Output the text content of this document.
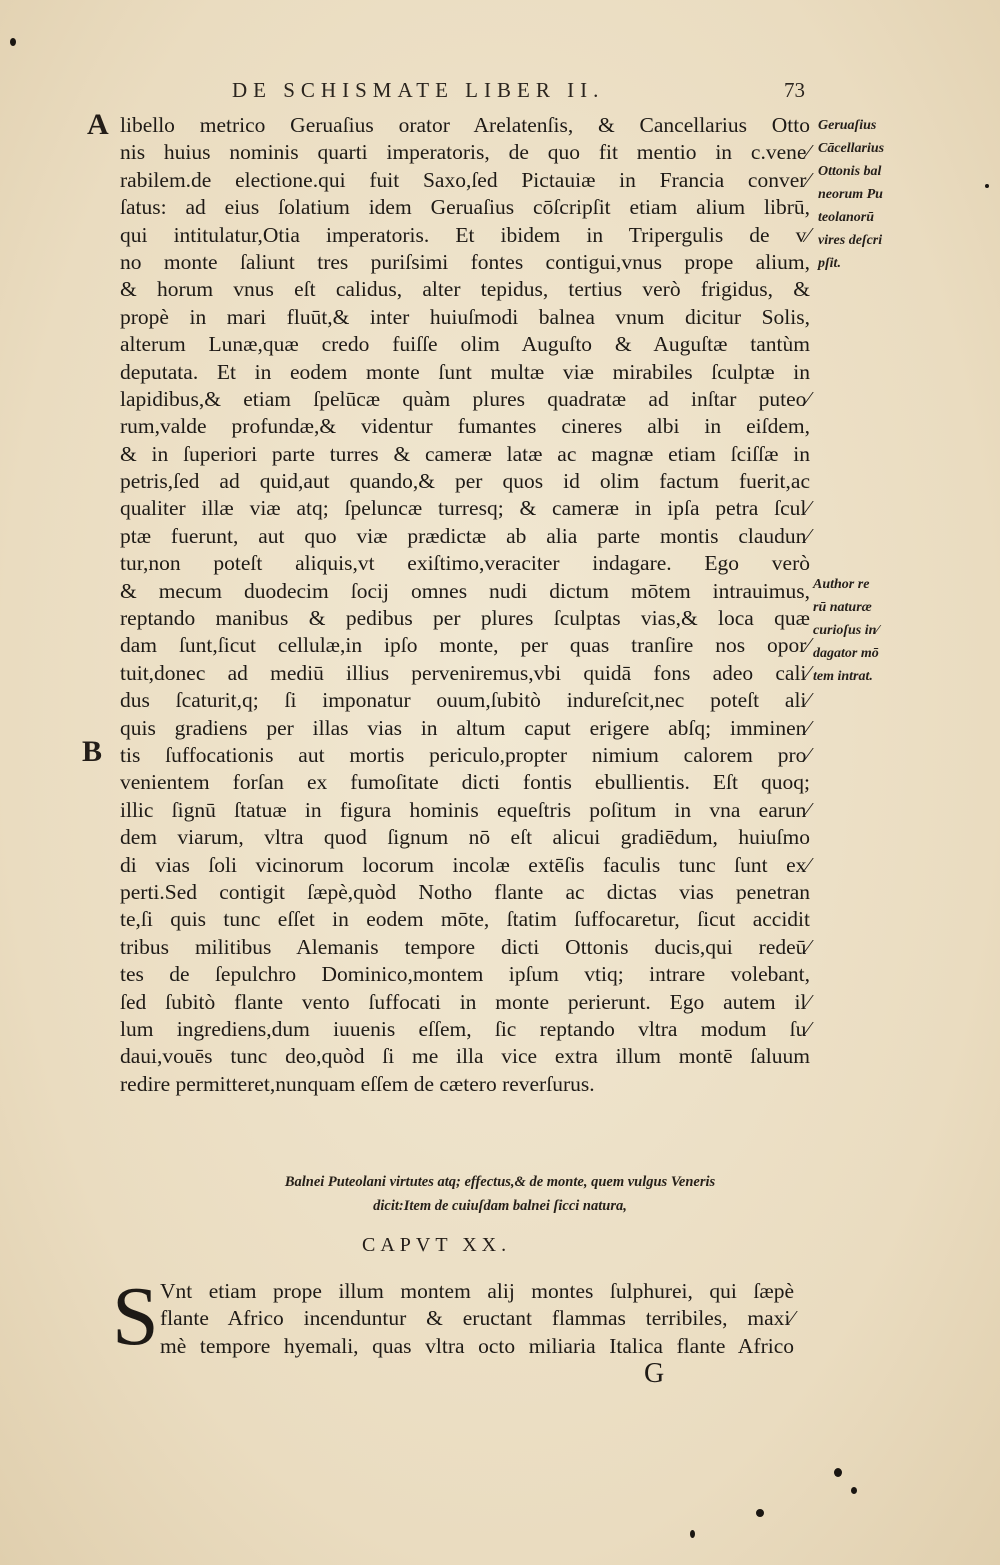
DE SCHISMATE LIBER II.	73
A
B
libello metrico Geruaſius orator Arelatenſis, & Cancellarius Otto
nis huius nominis quarti imperatoris, de quo fit mentio in c.vene⁄
rabilem.de electione.qui fuit Saxo,ſed Pictauiæ in Francia conver⁄
ſatus: ad eius ſolatium idem Geruaſius cōſcripſit etiam alium librū,
qui intitulatur,Otia imperatoris. Et ibidem in Tripergulis de v⁄
no monte ſaliunt tres puriſsimi fontes contigui,vnus prope alium,
& horum vnus eſt calidus, alter tepidus, tertius verò frigidus, &
propè in mari fluūt,& inter huiuſmodi balnea vnum dicitur Solis,
alterum Lunæ,quæ credo fuiſſe olim Auguſto & Auguſtæ tantùm
deputata. Et in eodem monte ſunt multæ viæ mirabiles ſculptæ in
lapidibus,& etiam ſpelūcæ quàm plures quadratæ ad inſtar puteo⁄
rum,valde profundæ,& videntur fumantes cineres albi in eiſdem,
& in ſuperiori parte turres & cameræ latæ ac magnæ etiam ſciſſæ in
petris,ſed ad quid,aut quando,& per quos id olim factum fuerit,ac
qualiter illæ viæ atq; ſpeluncæ turresq; & cameræ in ipſa petra ſcul⁄
ptæ fuerunt, aut quo viæ prædictæ ab alia parte montis claudun⁄
tur,non poteſt aliquis,vt exiſtimo,veraciter indagare. Ego verò
& mecum duodecim ſocij omnes nudi dictum mōtem intrauimus,
reptando manibus & pedibus per plures ſculptas vias,& loca quæ
dam ſunt,ſicut cellulæ,in ipſo monte, per quas tranſire nos opor⁄
tuit,donec ad mediū illius perveniremus,vbi quidā fons adeo cali⁄
dus ſcaturit,q; ſi imponatur ouum,ſubitò indureſcit,nec poteſt ali⁄
quis gradiens per illas vias in altum caput erigere abſq; imminen⁄
tis ſuffocationis aut mortis periculo,propter nimium calorem pro⁄
venientem forſan ex fumoſitate dicti fontis ebullientis. Eſt quoq;
illic ſignū ſtatuæ in figura hominis equeſtris poſitum in vna earun⁄
dem viarum, vltra quod ſignum nō eſt alicui gradiēdum, huiuſmo
di vias ſoli vicinorum locorum incolæ extēſis faculis tunc ſunt ex⁄
perti.Sed contigit ſæpè,quòd Notho flante ac dictas vias penetran
te,ſi quis tunc eſſet in eodem mōte, ſtatim ſuffocaretur, ſicut accidit
tribus militibus Alemanis tempore dicti Ottonis ducis,qui redeū⁄
tes de ſepulchro Dominico,montem ipſum vtiq; intrare volebant,
ſed ſubitò flante vento ſuffocati in monte perierunt. Ego autem il⁄
lum ingrediens,dum iuuenis eſſem, ſic reptando vltra modum ſu⁄
daui,vouēs tunc deo,quòd ſi me illa vice extra illum montē ſaluum
redire permitteret,nunquam eſſem de cætero reverſurus.
Geruaſius
Cācellarius
Ottonis bal
neorum Pu
teolanorū
vires deſcri
pſit.
Author re
rū naturæ
curioſus in⁄
dagator mō
tem intrat.
Balnei Puteolani virtutes atq; effectus,& de monte, quem vulgus Veneris
dicit:Item de cuiuſdam balnei ſicci natura,
CAPVT XX.
S Vnt etiam prope illum montem alij montes ſulphurei, qui ſæpè
flante Africo incenduntur & eructant flammas terribiles, maxi⁄
mè tempore hyemali, quas vltra octo miliaria Italica flante Africo
G
